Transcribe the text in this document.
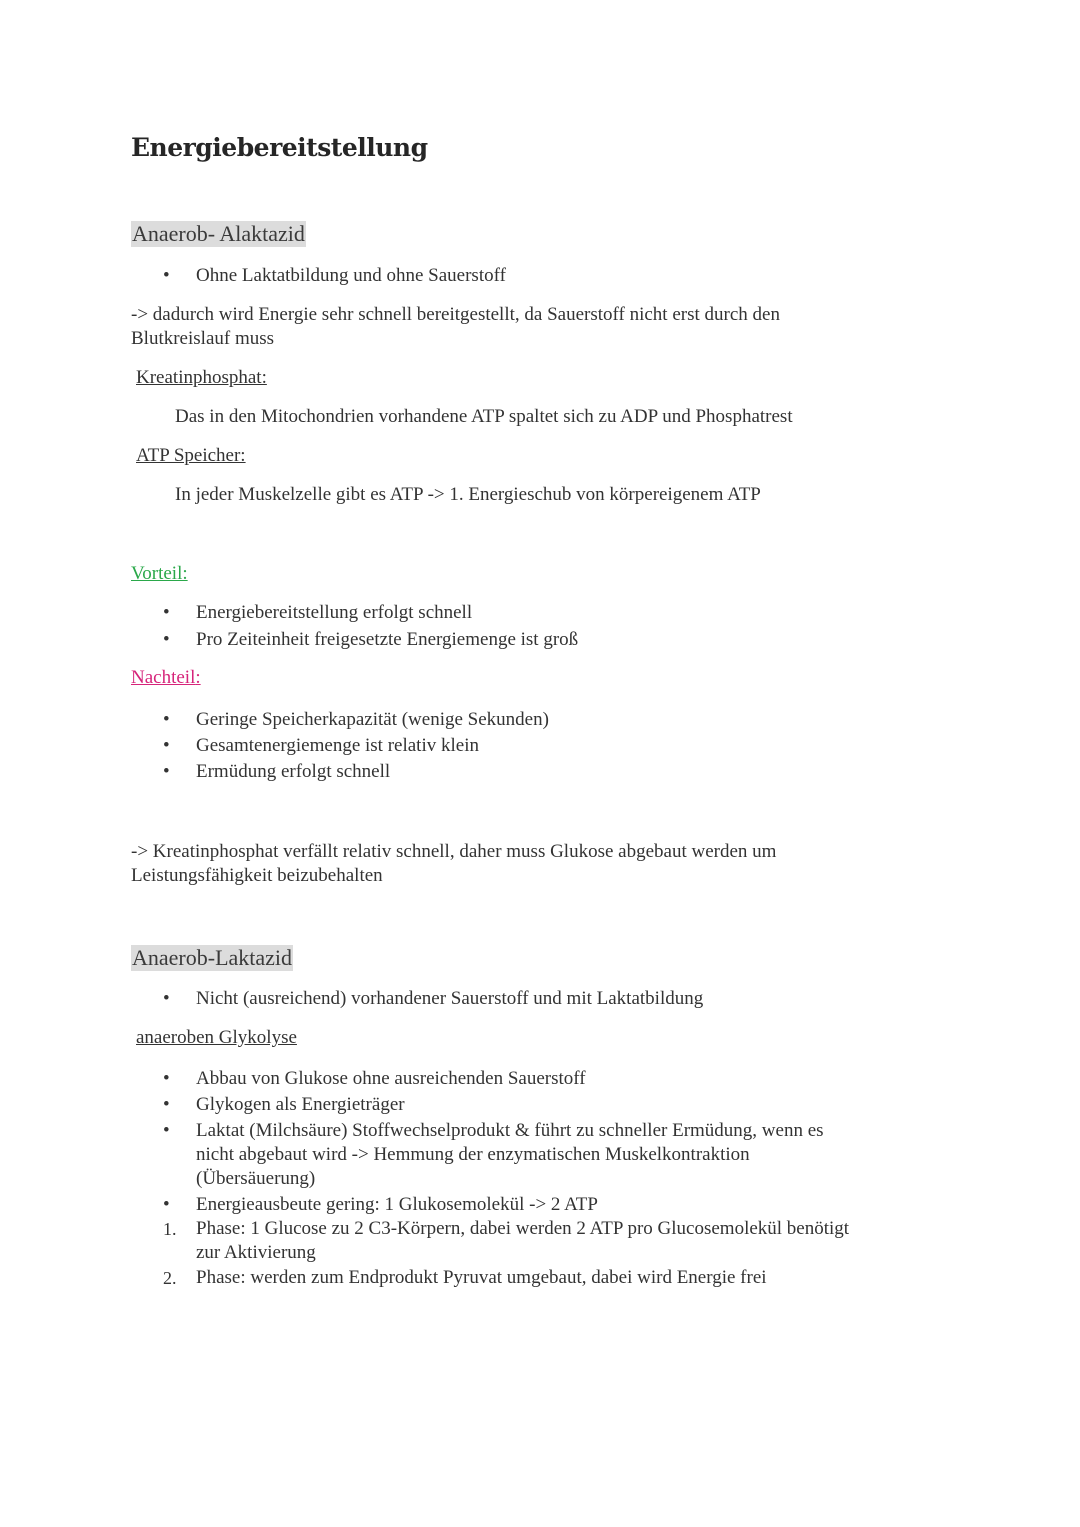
Energiebereitstellung
Anaerob- Alaktazid
• Ohne Laktatbildung und ohne Sauerstoff

-> dadurch wird Energie sehr schnell bereitgestellt, da Sauerstoff nicht erst durch den

Blutkreislauf muss

Kreatinphosphat:
Das in den Mitochondrien vorhandene ATP spaltet sich zu ADP und Phosphatrest
ATP Speicher:
In jeder Muskelzelle gibt es ATP -> 1. Energieschub von körpereigenem ATP
Vorteil:
• Energiebereitstellung erfolgt schnell
• Pro Zeiteinheit freigesetzte Energiemenge ist groß
Nachteil:
• Geringe Speicherkapazität (wenige Sekunden)
• Gesamtenergiemenge ist relativ klein
• Ermüdung erfolgt schnell

-> Kreatinphosphat verfällt relativ schnell, daher muss Glukose abgebaut werden um

Leistungsfähigkeit beizubehalten

Anaerob-Laktazid
• Nicht (ausreichend) vorhandener Sauerstoff und mit Laktatbildung
anaeroben Glykolyse
• Abbau von Glukose ohne ausreichenden Sauerstoff
• Glykogen als Energieträger
• Laktat (Milchsäure) Stoffwechselprodukt & führt zu schneller Ermüdung, wenn es
nicht abgebaut wird -> Hemmung der enzymatischen Muskelkontraktion
(Übersäuerung)
• Energieausbeute gering: 1 Glukosemolekül -> 2 ATP
1. Phase: 1 Glucose zu 2 C3-Körpern, dabei werden 2 ATP pro Glucosemolekül benötigt
zur Aktivierung
2. Phase: werden zum Endprodukt Pyruvat umgebaut, dabei wird Energie frei
